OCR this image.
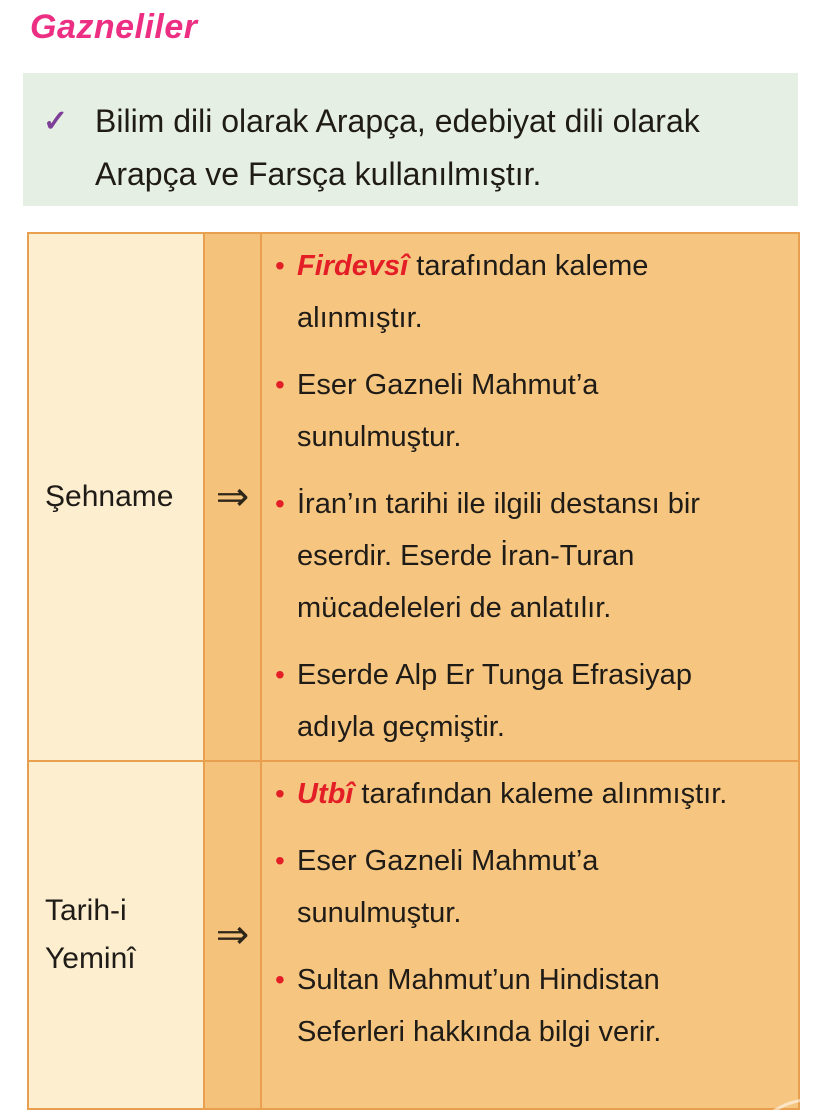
Gazneliler
✓ Bilim dili olarak Arapça, edebiyat dili olarak Arapça ve Farsça kullanılmıştır.
Şehname	⇒
• Firdevsî tarafından kaleme alınmıştır.
• Eser Gazneli Mahmut’a sunulmuştur.
• İran’ın tarihi ile ilgili destansı bir eserdir. Eserde İran-Turan mücadeleleri de anlatılır.
• Eserde Alp Er Tunga Efrasiyap adıyla geçmiştir.
Tarih-i Yeminî
⇒
• Utbî tarafından kaleme alınmıştır.
• Eser Gazneli Mahmut’a sunulmuştur.
• Sultan Mahmut’un Hindistan Seferleri hakkında bilgi verir.
